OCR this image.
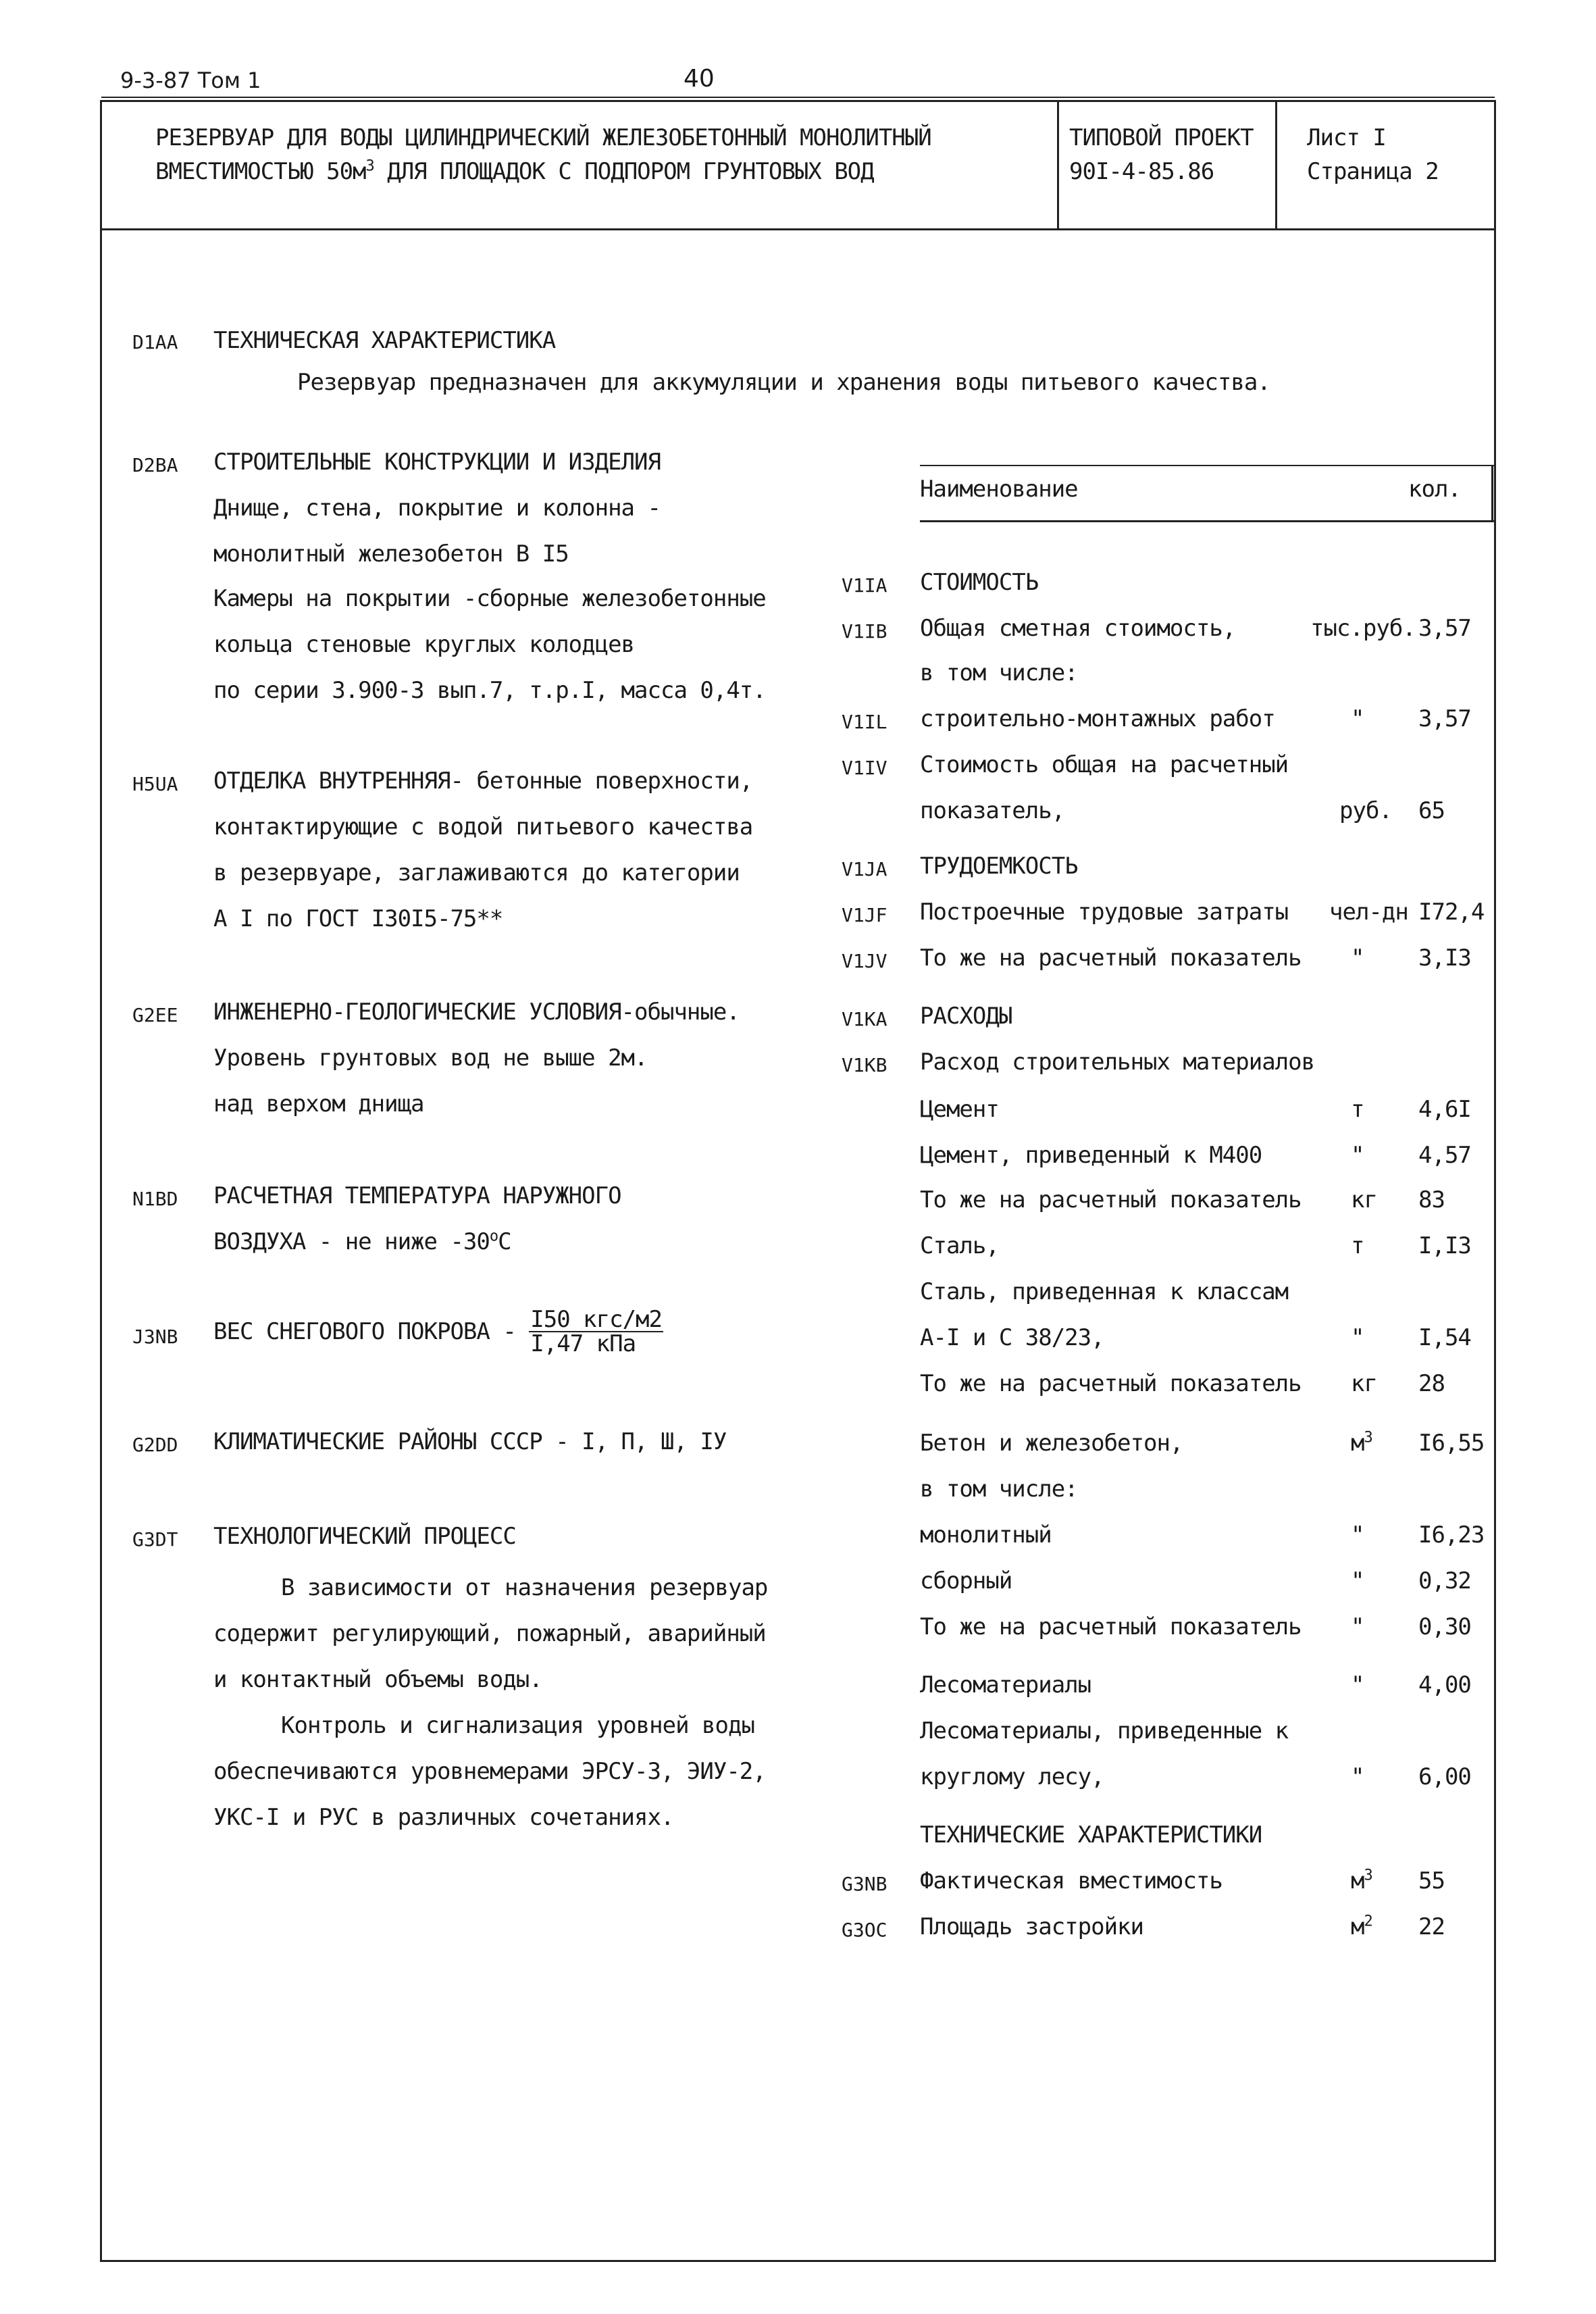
9-3-87 Том 1	40
РЕЗЕРВУАР ДЛЯ ВОДЫ ЦИЛИНДРИЧЕСКИЙ ЖЕЛЕЗОБЕТОННЫЙ МОНОЛИТНЫЙ
ВМЕСТИМОСТЬЮ $50м^3$ ДЛЯ ПЛОЩАДОК С ПОДПОРОМ ГРУНТОВЫХ ВОД
ТИПОВОЙ ПРОЕКТ
90I-4-85.86
Лист I
Страница 2
D1AA ТЕХНИЧЕСКАЯ ХАРАКТЕРИСТИКА
Резервуар предназначен для аккумуляции и хранения воды питьевого качества.
D2BA СТРОИТЕЛЬНЫЕ КОНСТРУКЦИИ И ИЗДЕЛИЯ
Днище, стена, покрытие и колонна -
монолитный железобетон В I5
Камеры на покрытии -сборные железобетонные
кольца стеновые круглых колодцев
по серии 3.900-3 вып.7, т.р.I, масса 0,4т.
H5UA ОТДЕЛКА ВНУТРЕННЯЯ- бетонные поверхности,
контактирующие с водой питьевого качества
в резервуаре, заглаживаются до категории
А I по ГОСТ I30I5-75**
G2EE ИНЖЕНЕРНО-ГЕОЛОГИЧЕСКИЕ УСЛОВИЯ-обычные.
Уровень грунтовых вод не выше 2м.
над верхом днища
N1BD РАСЧЕТНАЯ ТЕМПЕРАТУРА НАРУЖНОГО
ВОЗДУХА - не ниже $-30^оС$
J3NB ВЕС СНЕГОВОГО ПОКРОВА - $\frac{\text{I50 кгс/м2}}{\text{I,47 кПа}}$
G2DD КЛИМАТИЧЕСКИЕ РАЙОНЫ СССР - I, П, Ш, IУ
G3DT ТЕХНОЛОГИЧЕСКИЙ ПРОЦЕСС
В зависимости от назначения резервуар
содержит регулирующий, пожарный, аварийный
и контактный объемы воды.
Контроль и сигнализация уровней воды
обеспечиваются уровнемерами ЭРСУ-3, ЭИУ-2,
УКС-I и РУС в различных сочетаниях.
Наименование	кол.
V1IA СТОИМОСТЬ
V1IB Общая сметная стоимость,	тыс.руб. 3,57
в том числе:
V1IL строительно-монтажных работ	" 3,57
V1IV Стоимость общая на расчетный
показатель,	руб. 65
V1JA ТРУДОЕМКОСТЬ
V1JF Построечные трудовые затраты чел-дн I72,4
V1JV То же на расчетный показатель " 3,I3
V1KA РАСХОДЫ
V1KB Расход строительных материалов
Цемент	т 4,6I
Цемент, приведенный к М400	" 4,57
То же на расчетный показатель кг 83
Сталь,	т I,I3
Сталь, приведенная к классам
А-I и С 38/23,	" I,54
То же на расчетный показатель кг 28
Бетон и железобетон,	$м^3$ I6,55
в том числе:
монолитный	" I6,23
сборный	" 0,32
То же на расчетный показатель " 0,30
Лесоматериалы	" 4,00
Лесоматериалы, приведенные к
круглому лесу,	" 6,00
ТЕХНИЧЕСКИЕ ХАРАКТЕРИСТИКИ
G3NB Фактическая вместимость	$м^3$ 55
G3OC Площадь застройки	$м^2$ 22
